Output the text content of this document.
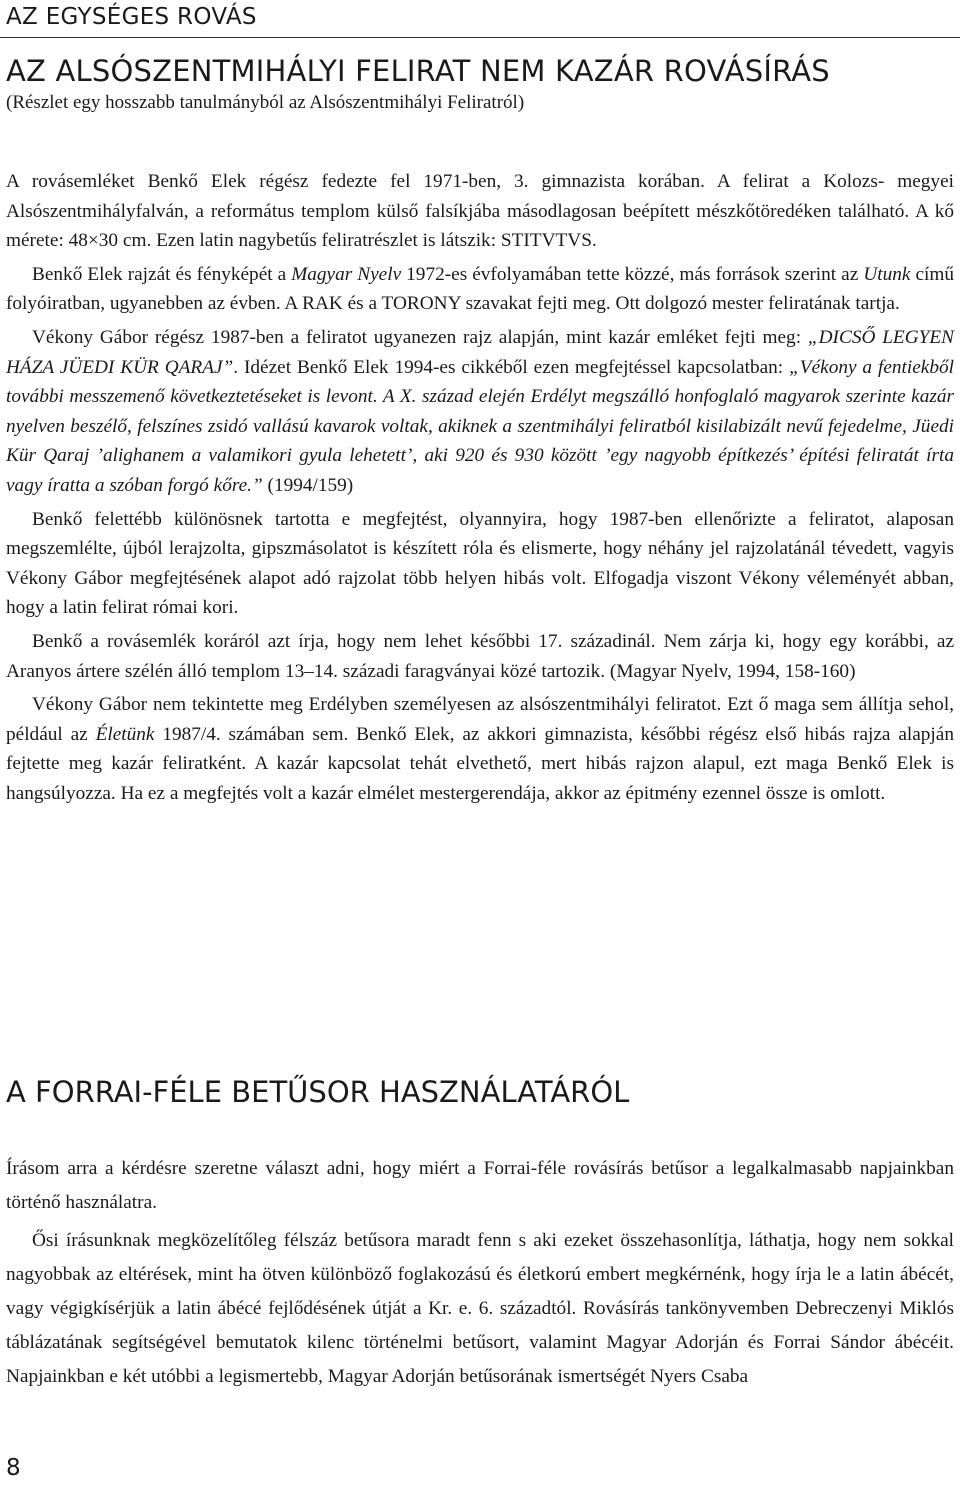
AZ EGYSÉGES ROVÁS
AZ ALSÓSZENTMIHÁLYI FELIRAT NEM KAZÁR ROVÁSÍRÁS

(Részlet egy hosszabb tanulmányból az Alsószentmihályi Feliratról)

A rovásemléket Benkő Elek régész fedezte fel 1971-ben, 3. gimnazista korában. A felirat a Kolozs- megyei Alsószentmihályfalván, a református templom külső falsíkjába másodlagosan beépített mészkőtöredéken található. A kő mérete: 48×30 cm. Ezen latin nagybetűs feliratrészlet is látszik: STITVTVS.

Benkő Elek rajzát és fényképét a Magyar Nyelv 1972-es évfolyamában tette közzé, más források szerint az Utunk című folyóiratban, ugyanebben az évben. A RAK és a TORONY szavakat fejti meg. Ott dolgozó mester feliratának tartja.

Vékony Gábor régész 1987-ben a feliratot ugyanezen rajz alapján, mint kazár emléket fejti meg: „DICSŐ LEGYEN HÁZA JÜEDI KÜR QARAJ”. Idézet Benkő Elek 1994-es cikkéből ezen megfejtéssel kapcsolatban: „Vékony a fentiekből további messzemenő következtetéseket is levont. A X. század elején Erdélyt megszálló honfoglaló magyarok szerinte kazár nyelven beszélő, felszínes zsidó vallású kavarok voltak, akiknek a szentmihályi feliratból kisilabizált nevű fejedelme, Jüedi Kür Qaraj ’alighanem a valamikori gyula lehetett’, aki 920 és 930 között ’egy nagyobb építkezés’ építési feliratát írta vagy íratta a szóban forgó kőre.” (1994/159)

Benkő felettébb különösnek tartotta e megfejtést, olyannyira, hogy 1987-ben ellenőrizte a feliratot, alaposan megszemlélte, újból lerajzolta, gipszmásolatot is készített róla és elismerte, hogy néhány jel rajzolatánál tévedett, vagyis Vékony Gábor megfejtésének alapot adó rajzolat több helyen hibás volt. Elfogadja viszont Vékony véleményét abban, hogy a latin felirat római kori.

Benkő a rovásemlék koráról azt írja, hogy nem lehet későbbi 17. századinál. Nem zárja ki, hogy egy korábbi, az Aranyos ártere szélén álló templom 13–14. századi faragványai közé tartozik. (Magyar Nyelv, 1994, 158-160)

Vékony Gábor nem tekintette meg Erdélyben személyesen az alsószentmihályi feliratot. Ezt ő maga sem állítja sehol, például az Életünk 1987/4. számában sem. Benkő Elek, az akkori gimnazista, későbbi régész első hibás rajza alapján fejtette meg kazár feliratként. A kazár kapcsolat tehát elvethető, mert hibás rajzon alapul, ezt maga Benkő Elek is hangsúlyozza. Ha ez a megfejtés volt a kazár elmélet mestergerendája, akkor az épitmény ezennel össze is omlott.

A FORRAI-FÉLE BETŰSOR HASZNÁLATÁRÓL

Írásom arra a kérdésre szeretne választ adni, hogy miért a Forrai-féle rovásírás betűsor a legalkalmasabb napjainkban történő használatra.

Ősi írásunknak megközelítőleg félszáz betűsora maradt fenn s aki ezeket összehasonlítja, láthatja, hogy nem sokkal nagyobbak az eltérések, mint ha ötven különböző foglakozású és életkorú embert megkérnénk, hogy írja le a latin ábécét, vagy végigkísérjük a latin ábécé fejlődésének útját a Kr. e. 6. századtól. Rovásírás tankönyvemben Debreczenyi Miklós táblázatának segítségével bemutatok kilenc történelmi betűsort, valamint Magyar Adorján és Forrai Sándor ábécéit. Napjainkban e két utóbbi a legismertebb, Magyar Adorján betűsorának ismertségét Nyers Csaba

8
